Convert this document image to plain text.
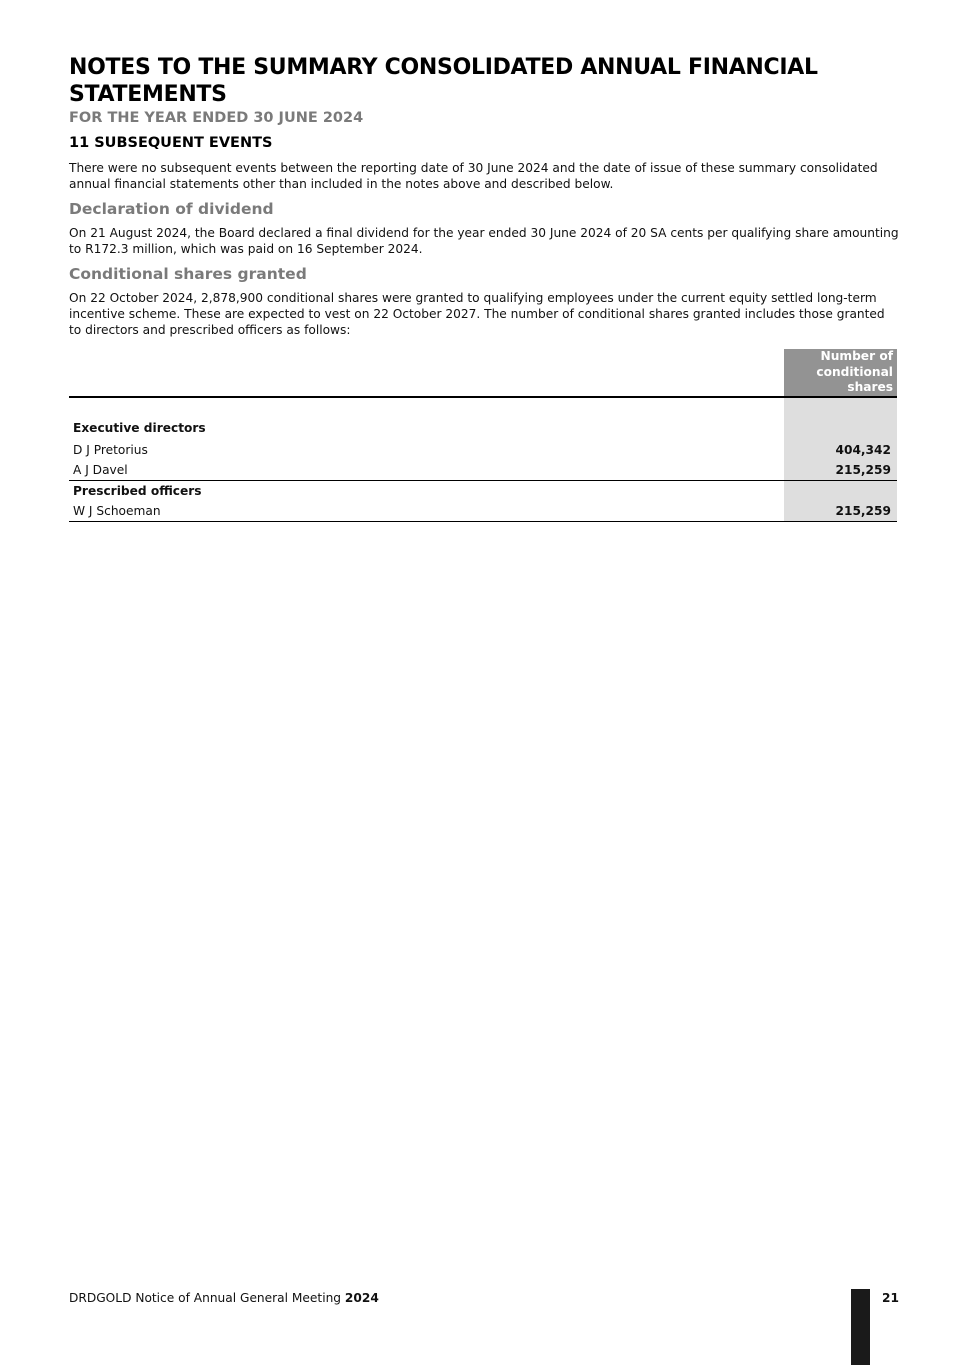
NOTES TO THE SUMMARY CONSOLIDATED ANNUAL FINANCIAL STATEMENTS
FOR THE YEAR ENDED 30 JUNE 2024
11 SUBSEQUENT EVENTS
There were no subsequent events between the reporting date of 30 June 2024 and the date of issue of these summary consolidated annual financial statements other than included in the notes above and described below.
Declaration of dividend
On 21 August 2024, the Board declared a final dividend for the year ended 30 June 2024 of 20 SA cents per qualifying share amounting to R172.3 million, which was paid on 16 September 2024.
Conditional shares granted
On 22 October 2024, 2,878,900 conditional shares were granted to qualifying employees under the current equity settled long-term incentive scheme. These are expected to vest on 22 October 2027. The number of conditional shares granted includes those granted to directors and prescribed officers as follows:
	Number of conditional shares

Executive directors	
D J Pretorius	404,342
A J Davel	215,259
Prescribed officers	
W J Schoeman	215,259
DRDGOLD Notice of Annual General Meeting 2024	21
